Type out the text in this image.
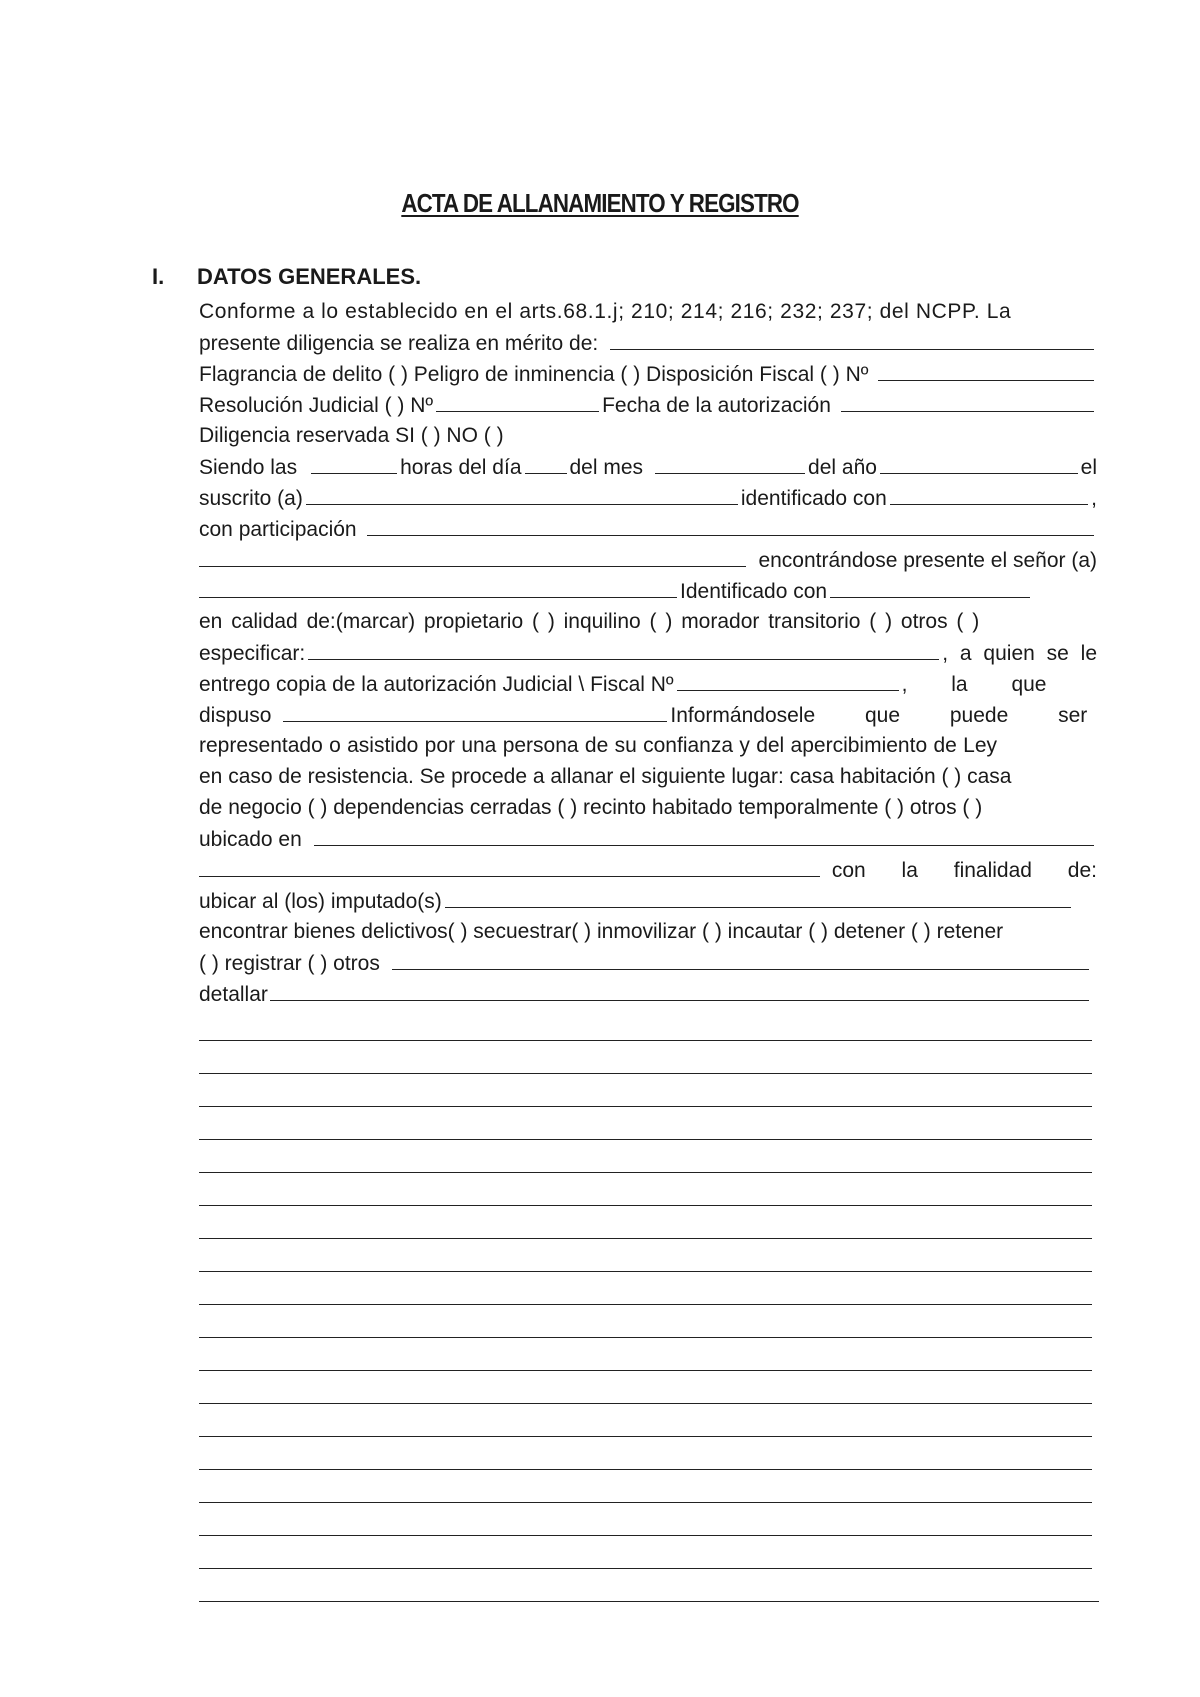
ACTA DE ALLANAMIENTO Y REGISTRO
I. DATOS GENERALES.
Conforme a lo establecido en el arts.68.1.j; 210; 214; 216; 232; 237; del NCPP. La
presente diligencia se realiza en mérito de:
Flagrancia de delito ( ) Peligro de inminencia ( ) Disposición Fiscal ( ) Nº
Resolución Judicial ( ) Nº	Fecha de la autorización
Diligencia reservada SI ( ) NO ( )
Siendo las	horas del día del mes	del año	el
suscrito (a)	identificado con	,
con participación
encontrándose presente el señor (a)
Identificado con
en calidad de:(marcar) propietario ( ) inquilino ( ) morador transitorio ( ) otros ( )
especificar:	, a quien se le
entrego copia de la autorización Judicial \ Fiscal Nº	, la que
dispuso	Informándosele que puede ser
representado o asistido por una persona de su confianza y del apercibimiento de Ley
en caso de resistencia. Se procede a allanar el siguiente lugar: casa habitación ( ) casa
de negocio ( ) dependencias cerradas ( ) recinto habitado temporalmente ( ) otros ( )
ubicado en
con la finalidad de:
ubicar al (los) imputado(s)
encontrar bienes delictivos( ) secuestrar( ) inmovilizar ( ) incautar ( ) detener ( ) retener
( ) registrar ( ) otros
detallar
